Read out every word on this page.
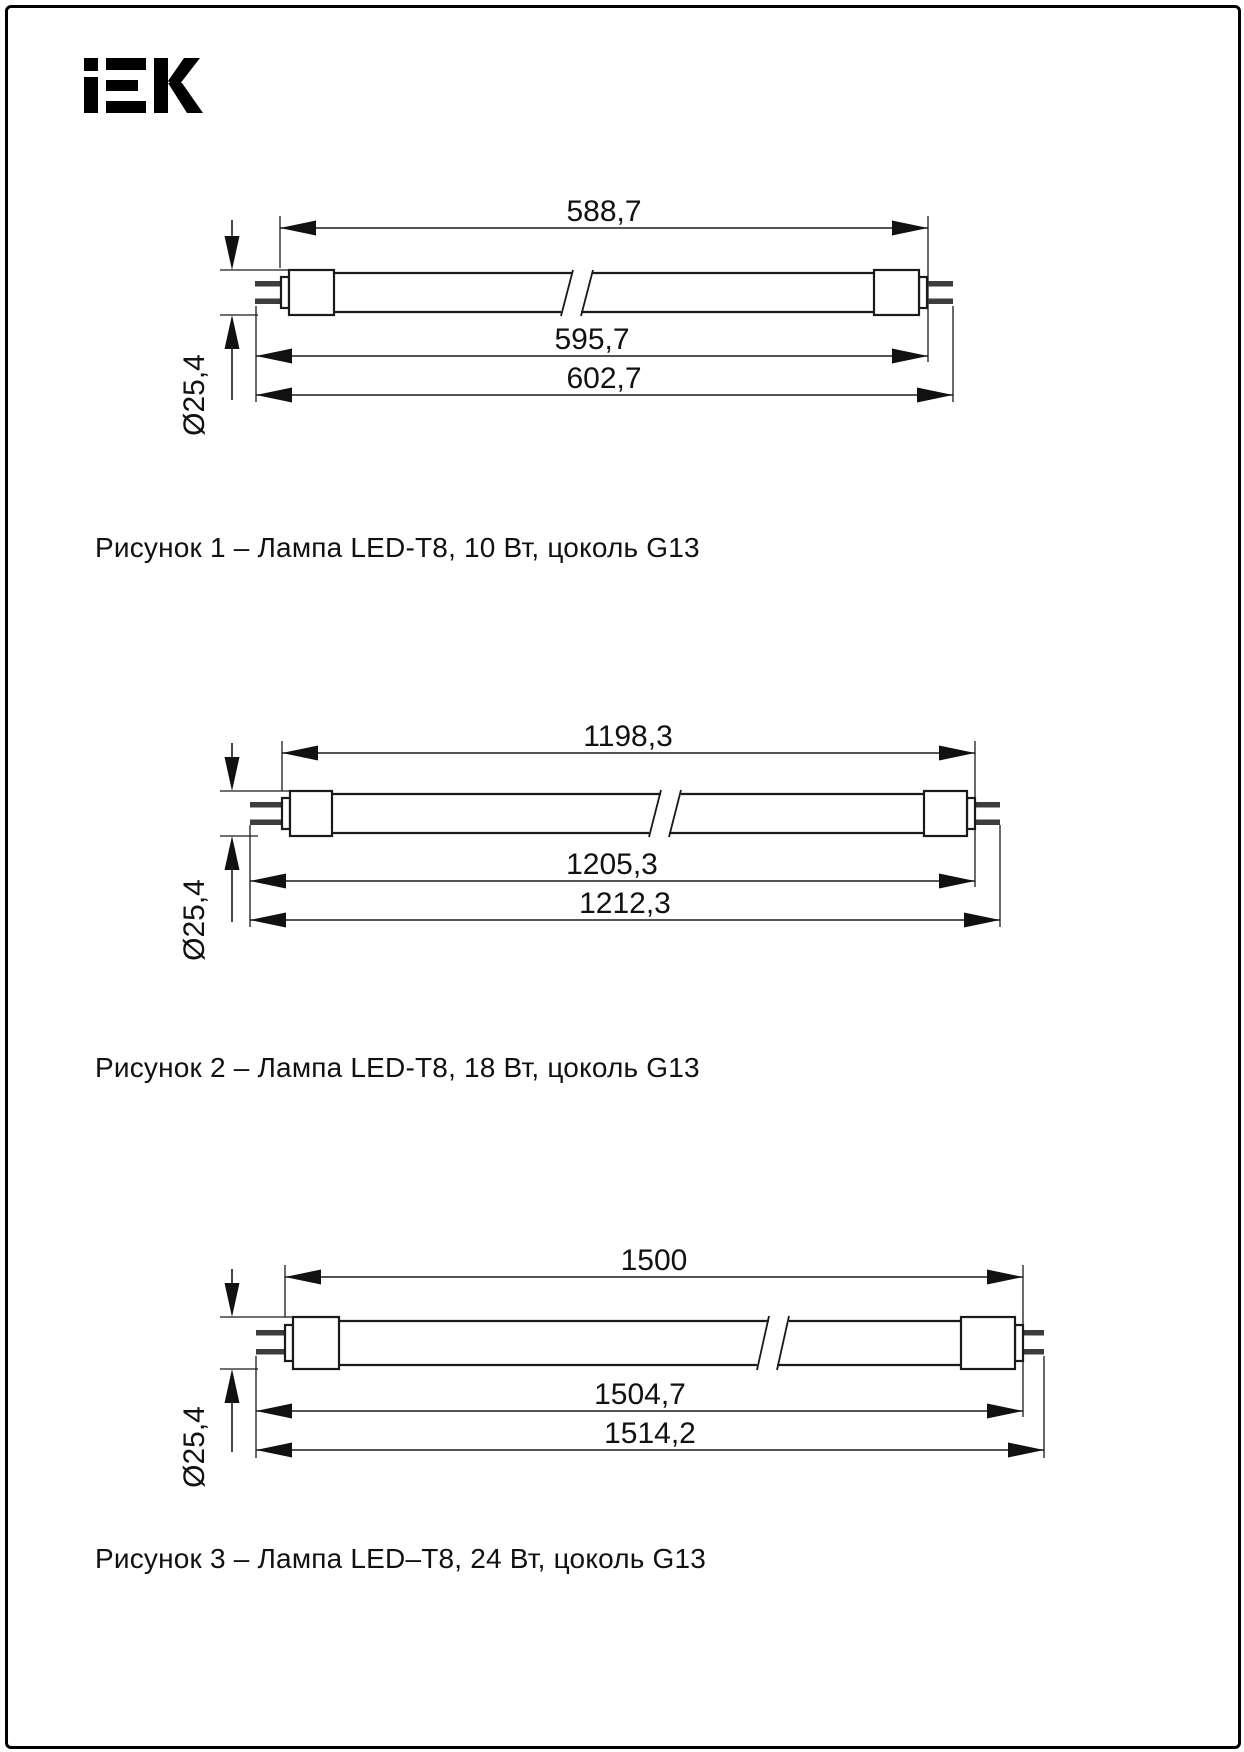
588,7
Ø25,4
595,7
602,7
Рисунок 1 – Лампа LED-T8, 10 Вт, цоколь G13
1198,3
Ø25,4
1205,3
1212,3
Рисунок 2 – Лампа LED-T8, 18 Вт, цоколь G13
1500
Ø25,4
1504,7
1514,2
Рисунок 3 – Лампа LED–T8, 24 Вт, цоколь G13
